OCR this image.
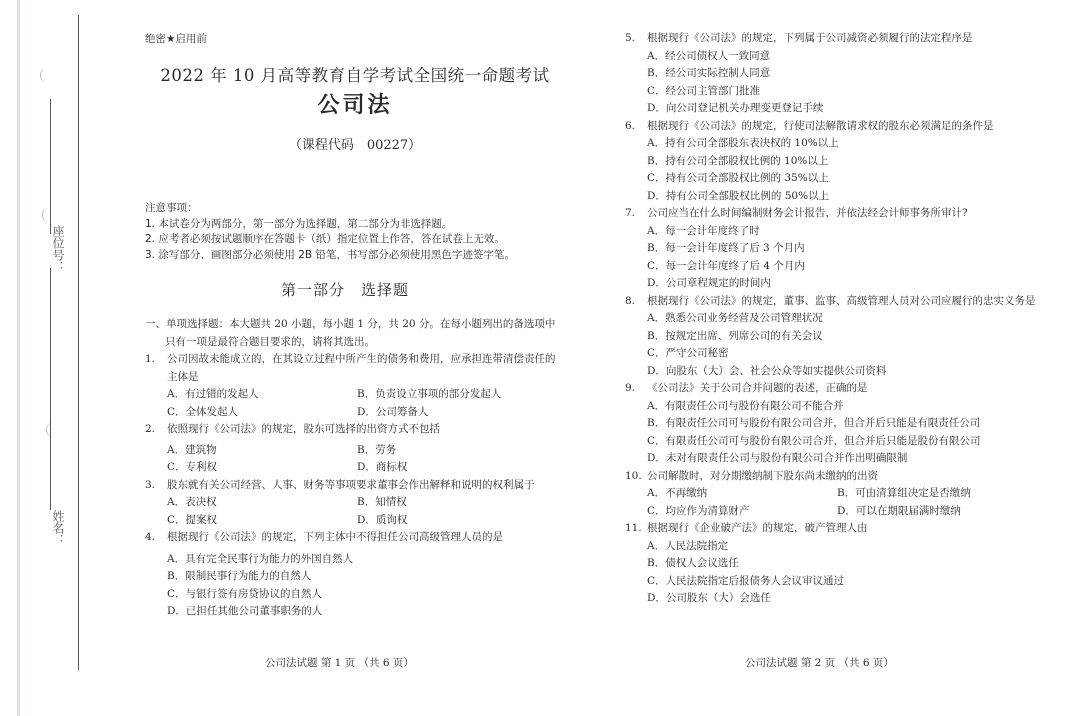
座位号：
姓名：
绝密★启用前
2022 年 10 月高等教育自学考试全国统一命题考试
公司法
（课程代码　00227）
注意事项：
1. 本试卷分为两部分，第一部分为选择题，第二部分为非选择题。
2. 应考者必须按试题顺序在答题卡（纸）指定位置上作答，答在试卷上无效。
3. 涂写部分、画图部分必须使用 2B 铅笔，书写部分必须使用黑色字迹签字笔。
第一部分　选择题
一、单项选择题：本大题共 20 小题，每小题 1 分，共 20 分。在每小题列出的备选项中只有一项是最符合题目要求的，请将其选出。
1.	公司因故未能成立的，在其设立过程中所产生的债务和费用，应承担连带清偿责任的主体是
A．有过错的发起人	B．负责设立事项的部分发起人
C．全体发起人	D．公司筹备人
2.	依照现行《公司法》的规定，股东可选择的出资方式不包括
A．建筑物	B．劳务
C．专利权	D．商标权
3.	股东就有关公司经营、人事、财务等事项要求董事会作出解释和说明的权利属于
A．表决权	B．知情权
C．提案权	D．质询权
4.	根据现行《公司法》的规定，下列主体中不得担任公司高级管理人员的是
A．具有完全民事行为能力的外国自然人
B．限制民事行为能力的自然人
C．与银行签有房贷协议的自然人
D．已担任其他公司董事职务的人
公司法试题 第 1 页 （共 6 页）
5.	根据现行《公司法》的规定，下列属于公司减资必须履行的法定程序是
A．经公司债权人一致同意
B．经公司实际控制人同意
C．经公司主管部门批准
D．向公司登记机关办理变更登记手续
6.	根据现行《公司法》的规定，行使司法解散请求权的股东必须满足的条件是
A．持有公司全部股东表决权的 10%以上
B．持有公司全部股权比例的 10%以上
C．持有公司全部股权比例的 35%以上
D．持有公司全部股权比例的 50%以上
7.	公司应当在什么时间编制财务会计报告，并依法经会计师事务所审计?
A．每一会计年度终了时
B．每一会计年度终了后 3 个月内
C．每一会计年度终了后 4 个月内
D．公司章程规定的时间内
8.	根据现行《公司法》的规定，董事、监事、高级管理人员对公司应履行的忠实义务是
A．熟悉公司业务经营及公司管理状况
B．按规定出席、列席公司的有关会议
C．严守公司秘密
D．向股东（大）会、社会公众等如实提供公司资料
9.	《公司法》关于公司合并问题的表述，正确的是
A．有限责任公司与股份有限公司不能合并
B．有限责任公司可与股份有限公司合并，但合并后只能是有限责任公司
C．有限责任公司可与股份有限公司合并，但合并后只能是股份有限公司
D．未对有限责任公司与股份有限公司合并作出明确限制
10. 公司解散时，对分期缴纳制下股东尚未缴纳的出资
A．不再缴纳	B．可由清算组决定是否缴纳
C．均应作为清算财产	D．可以在期限届满时缴纳
11. 根据现行《企业破产法》的规定，破产管理人由
A．人民法院指定
B．债权人会议选任
C．人民法院指定后报债务人会议审议通过
D．公司股东（大）会选任
公司法试题 第 2 页 （共 6 页）
